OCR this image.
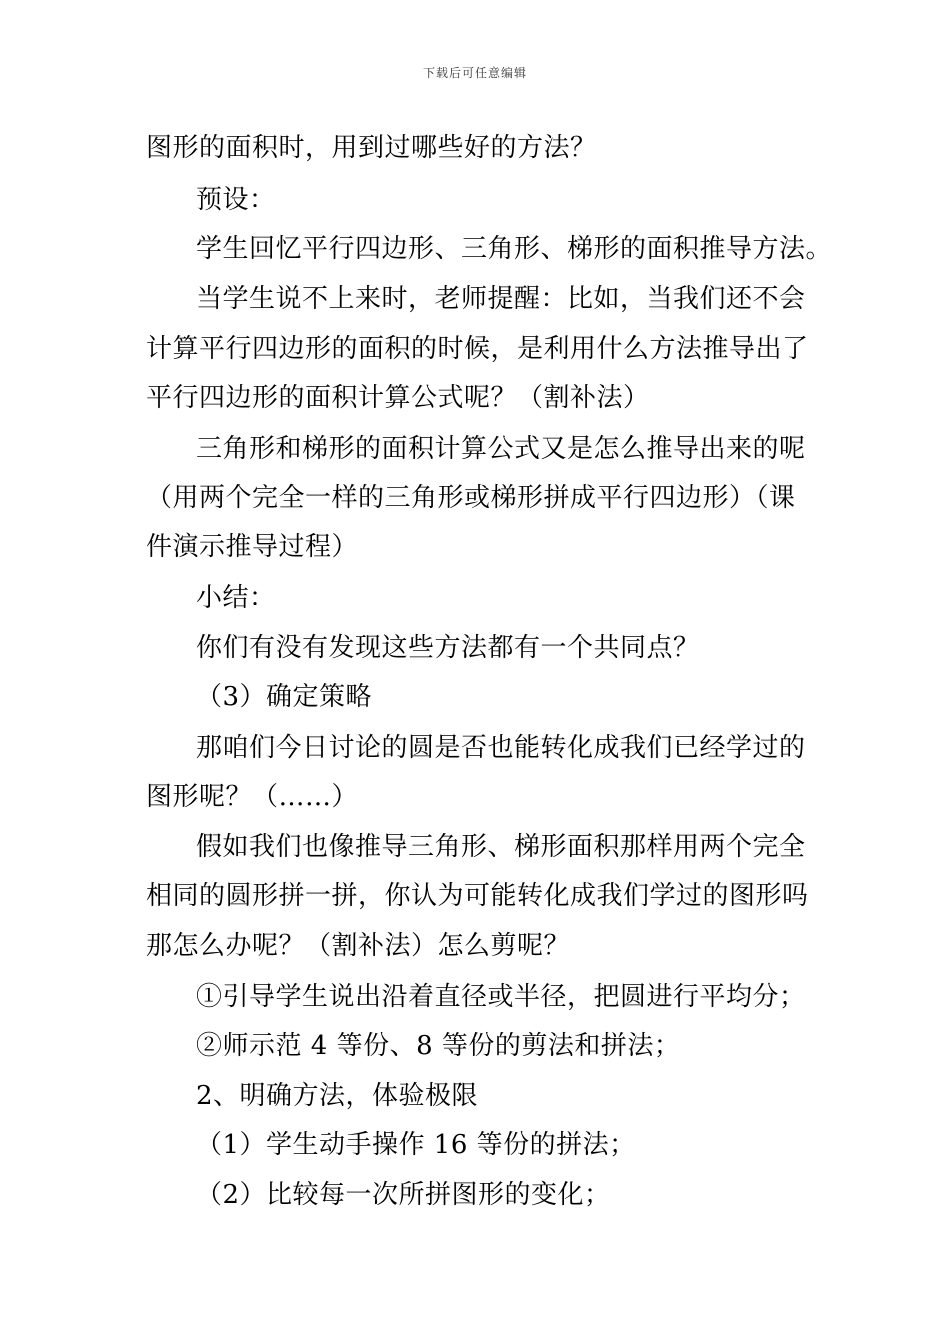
下载后可任意编辑
图形的面积时，用到过哪些好的方法？
预设：
学生回忆平行四边形、三角形、梯形的面积推导方法。
当学生说不上来时，老师提醒：比如，当我们还不会
计算平行四边形的面积的时候，是利用什么方法推导出了
平行四边形的面积计算公式呢？（割补法）
三角形和梯形的面积计算公式又是怎么推导出来的呢
（用两个完全一样的三角形或梯形拼成平行四边形）（课
件演示推导过程）
小结：
你们有没有发现这些方法都有一个共同点？
（3）确定策略
那咱们今日讨论的圆是否也能转化成我们已经学过的
图形呢？（……）
假如我们也像推导三角形、梯形面积那样用两个完全
相同的圆形拼一拼，你认为可能转化成我们学过的图形吗
那怎么办呢？（割补法）怎么剪呢？
①引导学生说出沿着直径或半径，把圆进行平均分；
②师示范 4 等份、8 等份的剪法和拼法；
2、明确方法，体验极限
（1）学生动手操作 16 等份的拼法；
（2）比较每一次所拼图形的变化；
